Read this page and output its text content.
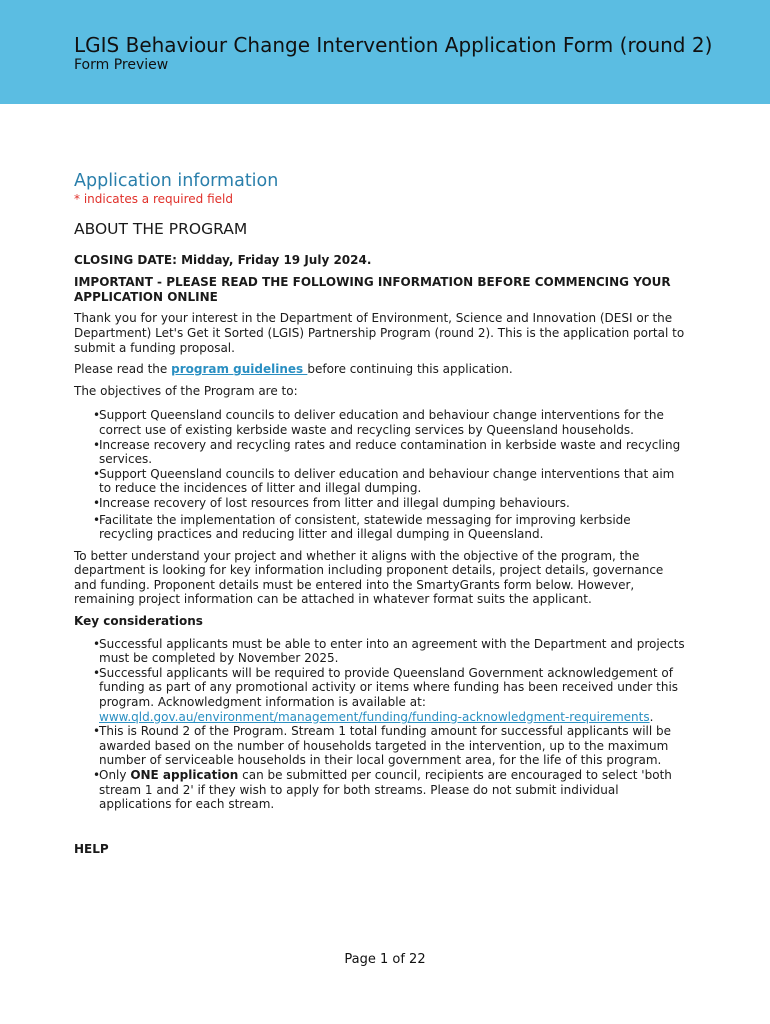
LGIS Behaviour Change Intervention Application Form (round 2)

Form Preview

Application information

* indicates a required field

ABOUT THE PROGRAM

CLOSING DATE: Midday, Friday 19 July 2024.

IMPORTANT - PLEASE READ THE FOLLOWING INFORMATION BEFORE COMMENCING YOUR APPLICATION ONLINE

Thank you for your interest in the Department of Environment, Science and Innovation (DESI or the Department) Let's Get it Sorted (LGIS) Partnership Program (round 2). This is the application portal to submit a funding proposal.

Please read the program guidelines before continuing this application.

The objectives of the Program are to:

•
Support Queensland councils to deliver education and behaviour change interventions for the correct use of existing kerbside waste and recycling services by Queensland households.
•
Increase recovery and recycling rates and reduce contamination in kerbside waste and recycling services.
•
Support Queensland councils to deliver education and behaviour change interventions that aim to reduce the incidences of litter and illegal dumping.
•
Increase recovery of lost resources from litter and illegal dumping behaviours.
•
Facilitate the implementation of consistent, statewide messaging for improving kerbside recycling practices and reducing litter and illegal dumping in Queensland.

To better understand your project and whether it aligns with the objective of the program, the department is looking for key information including proponent details, project details, governance and funding. Proponent details must be entered into the SmartyGrants form below. However, remaining project information can be attached in whatever format suits the applicant.

Key considerations

•
Successful applicants must be able to enter into an agreement with the Department and projects must be completed by November 2025.
•
Successful applicants will be required to provide Queensland Government acknowledgement of funding as part of any promotional activity or items where funding has been received under this program. Acknowledgment information is available at: www.qld.gov.au/environment/management/funding/funding-acknowledgment-requirements.
•
This is Round 2 of the Program. Stream 1 total funding amount for successful applicants will be awarded based on the number of households targeted in the intervention, up to the maximum number of serviceable households in their local government area, for the life of this program.
•
Only ONE application can be submitted per council, recipients are encouraged to select 'both stream 1 and 2' if they wish to apply for both streams. Please do not submit individual applications for each stream.

HELP

Page 1 of 22
